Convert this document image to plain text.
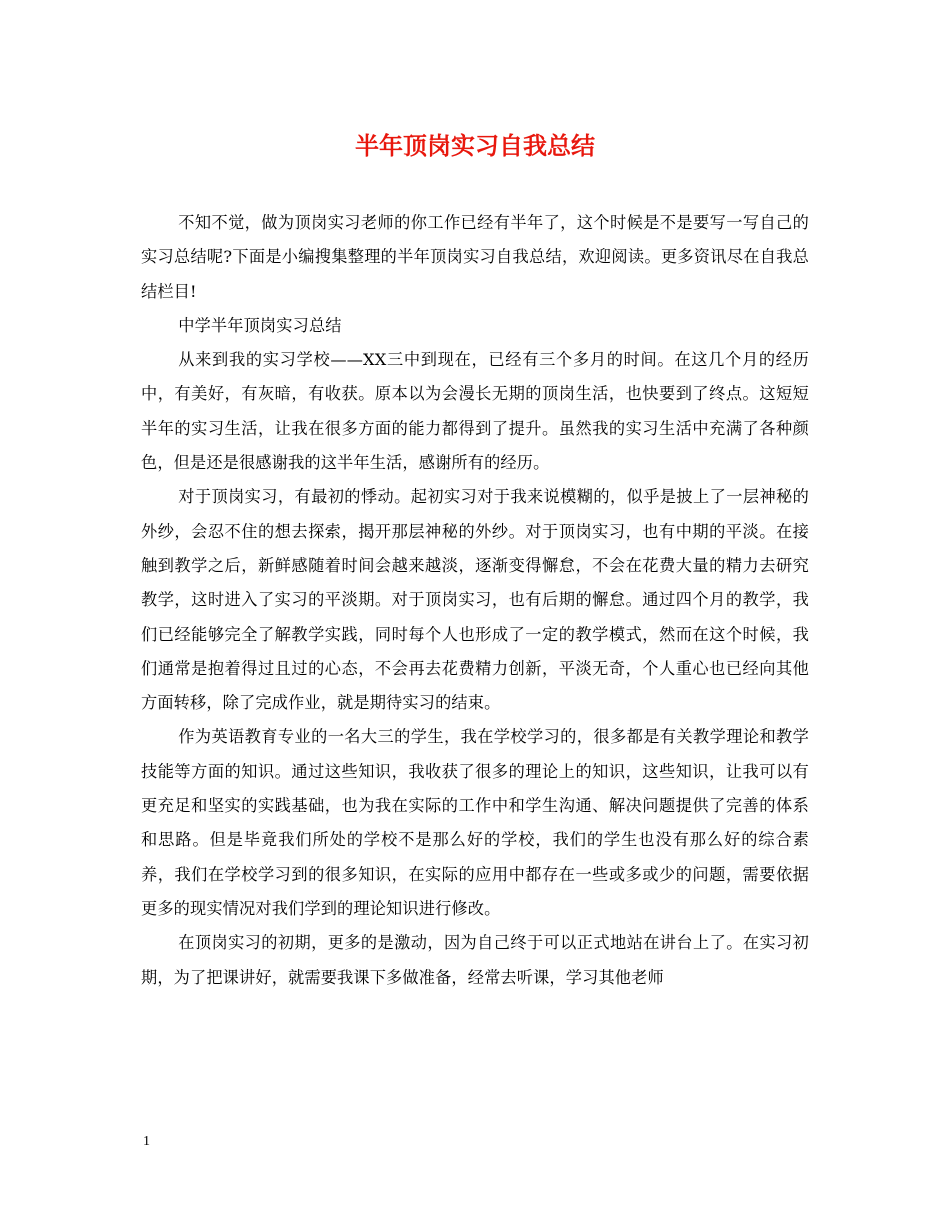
半年顶岗实习自我总结

不知不觉，做为顶岗实习老师的你工作已经有半年了，这个时候是不是要写一写自己的实习总结呢?下面是小编搜集整理的半年顶岗实习自我总结，欢迎阅读。更多资讯尽在自我总结栏目!

中学半年顶岗实习总结

从来到我的实习学校——XX三中到现在，已经有三个多月的时间。在这几个月的经历中，有美好，有灰暗，有收获。原本以为会漫长无期的顶岗生活，也快要到了终点。这短短半年的实习生活，让我在很多方面的能力都得到了提升。虽然我的实习生活中充满了各种颜色，但是还是很感谢我的这半年生活，感谢所有的经历。

对于顶岗实习，有最初的悸动。起初实习对于我来说模糊的，似乎是披上了一层神秘的外纱，会忍不住的想去探索，揭开那层神秘的外纱。对于顶岗实习，也有中期的平淡。在接触到教学之后，新鲜感随着时间会越来越淡，逐渐变得懈怠，不会在花费大量的精力去研究教学，这时进入了实习的平淡期。对于顶岗实习，也有后期的懈怠。通过四个月的教学，我们已经能够完全了解教学实践，同时每个人也形成了一定的教学模式，然而在这个时候，我们通常是抱着得过且过的心态，不会再去花费精力创新，平淡无奇，个人重心也已经向其他方面转移，除了完成作业，就是期待实习的结束。

作为英语教育专业的一名大三的学生，我在学校学习的，很多都是有关教学理论和教学技能等方面的知识。通过这些知识，我收获了很多的理论上的知识，这些知识，让我可以有更充足和坚实的实践基础，也为我在实际的工作中和学生沟通、解决问题提供了完善的体系和思路。但是毕竟我们所处的学校不是那么好的学校，我们的学生也没有那么好的综合素养，我们在学校学习到的很多知识，在实际的应用中都存在一些或多或少的问题，需要依据更多的现实情况对我们学到的理论知识进行修改。

在顶岗实习的初期，更多的是激动，因为自己终于可以正式地站在讲台上了。在实习初期，为了把课讲好，就需要我课下多做准备，经常去听课，学习其他老师

1
